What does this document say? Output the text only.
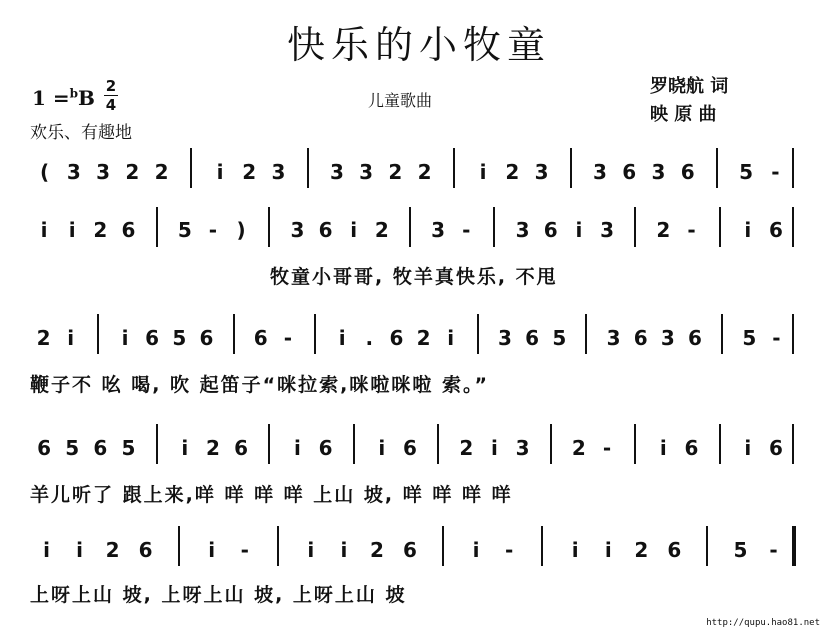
快乐的小牧童
1 =$^b$B 2
4
欢乐、有趣地
儿童歌曲
罗晓航 词
映 原 曲
( 3 3 2 2 i 2 3 3 3 2 2 i 2 3 3 6 3 6 5 -
i i 2 6 5 - ) 3 6 i 2 3 - 3 6 i 3 2 - i 6
牧童小哥哥, 牧羊真快乐, 不甩
2 i i 6 5 6 6 - i . 6 2 i 3 6 5 3 6 3 6 5 -
鞭子不 吆 喝, 吹 起笛子“咪拉索,咪啦咪啦 索。”
6 5 6 5 i 2 6 i 6 i 6 2 i 3 2 - i 6 i 6
羊儿听了 跟上来,咩 咩 咩 咩 上山 坡, 咩 咩 咩 咩
i i 2 6	i -	i i 2 6	i -	i i 2 6	5 -
上呀上山 坡, 上呀上山 坡, 上呀上山 坡
http://qupu.hao81.net
